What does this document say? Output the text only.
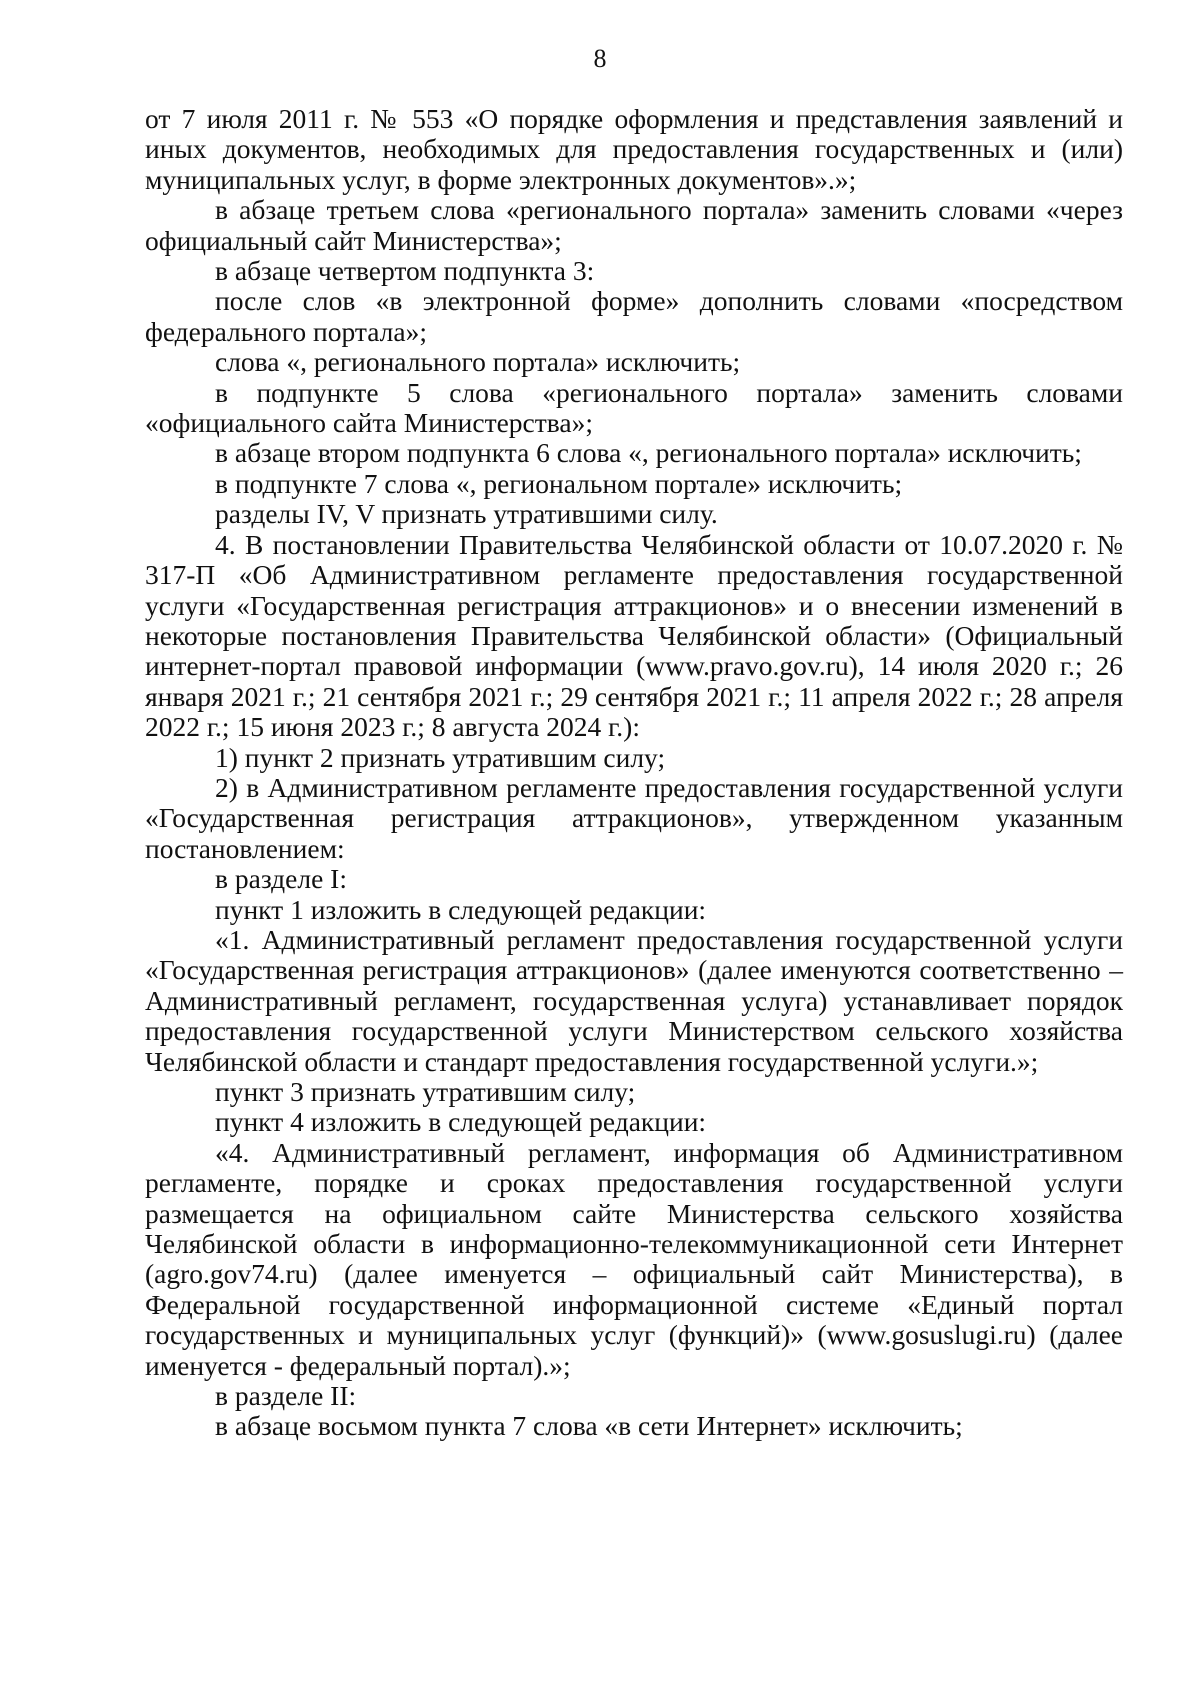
8

от 7 июля 2011 г. № 553 «О порядке оформления и представления заявлений и иных документов, необходимых для предоставления государственных и (или) муниципальных услуг, в форме электронных документов».»;

в абзаце третьем слова «регионального портала» заменить словами «через официальный сайт Министерства»;

в абзаце четвертом подпункта 3:

после слов «в электронной форме» дополнить словами «посредством федерального портала»;

слова «, регионального портала» исключить;

в подпункте 5 слова «регионального портала» заменить словами «официального сайта Министерства»;

в абзаце втором подпункта 6 слова «, регионального портала» исключить;

в подпункте 7 слова «, региональном портале» исключить;

разделы IV, V признать утратившими силу.

4. В постановлении Правительства Челябинской области от 10.07.2020 г. № 317-П «Об Административном регламенте предоставления государственной услуги «Государственная регистрация аттракционов» и о внесении изменений в некоторые постановления Правительства Челябинской области» (Официальный интернет-портал правовой информации (www.pravo.gov.ru), 14 июля 2020 г.; 26 января 2021 г.; 21 сентября 2021 г.; 29 сентября 2021 г.; 11 апреля 2022 г.; 28 апреля 2022 г.; 15 июня 2023 г.; 8 августа 2024 г.):

1) пункт 2 признать утратившим силу;

2) в Административном регламенте предоставления государственной услуги «Государственная регистрация аттракционов», утвержденном указанным постановлением:

в разделе I:

пункт 1 изложить в следующей редакции:

«1. Административный регламент предоставления государственной услуги «Государственная регистрация аттракционов» (далее именуются соответственно – Административный регламент, государственная услуга) устанавливает порядок предоставления государственной услуги Министерством сельского хозяйства Челябинской области и стандарт предоставления государственной услуги.»;

пункт 3 признать утратившим силу;

пункт 4 изложить в следующей редакции:

«4. Административный регламент, информация об Административном регламенте, порядке и сроках предоставления государственной услуги размещается на официальном сайте Министерства сельского хозяйства Челябинской области в информационно-телекоммуникационной сети Интернет (agro.gov74.ru) (далее именуется – официальный сайт Министерства), в Федеральной государственной информационной системе «Единый портал государственных и муниципальных услуг (функций)» (www.gosuslugi.ru) (далее именуется - федеральный портал).»;

в разделе II:

в абзаце восьмом пункта 7 слова «в сети Интернет» исключить;
